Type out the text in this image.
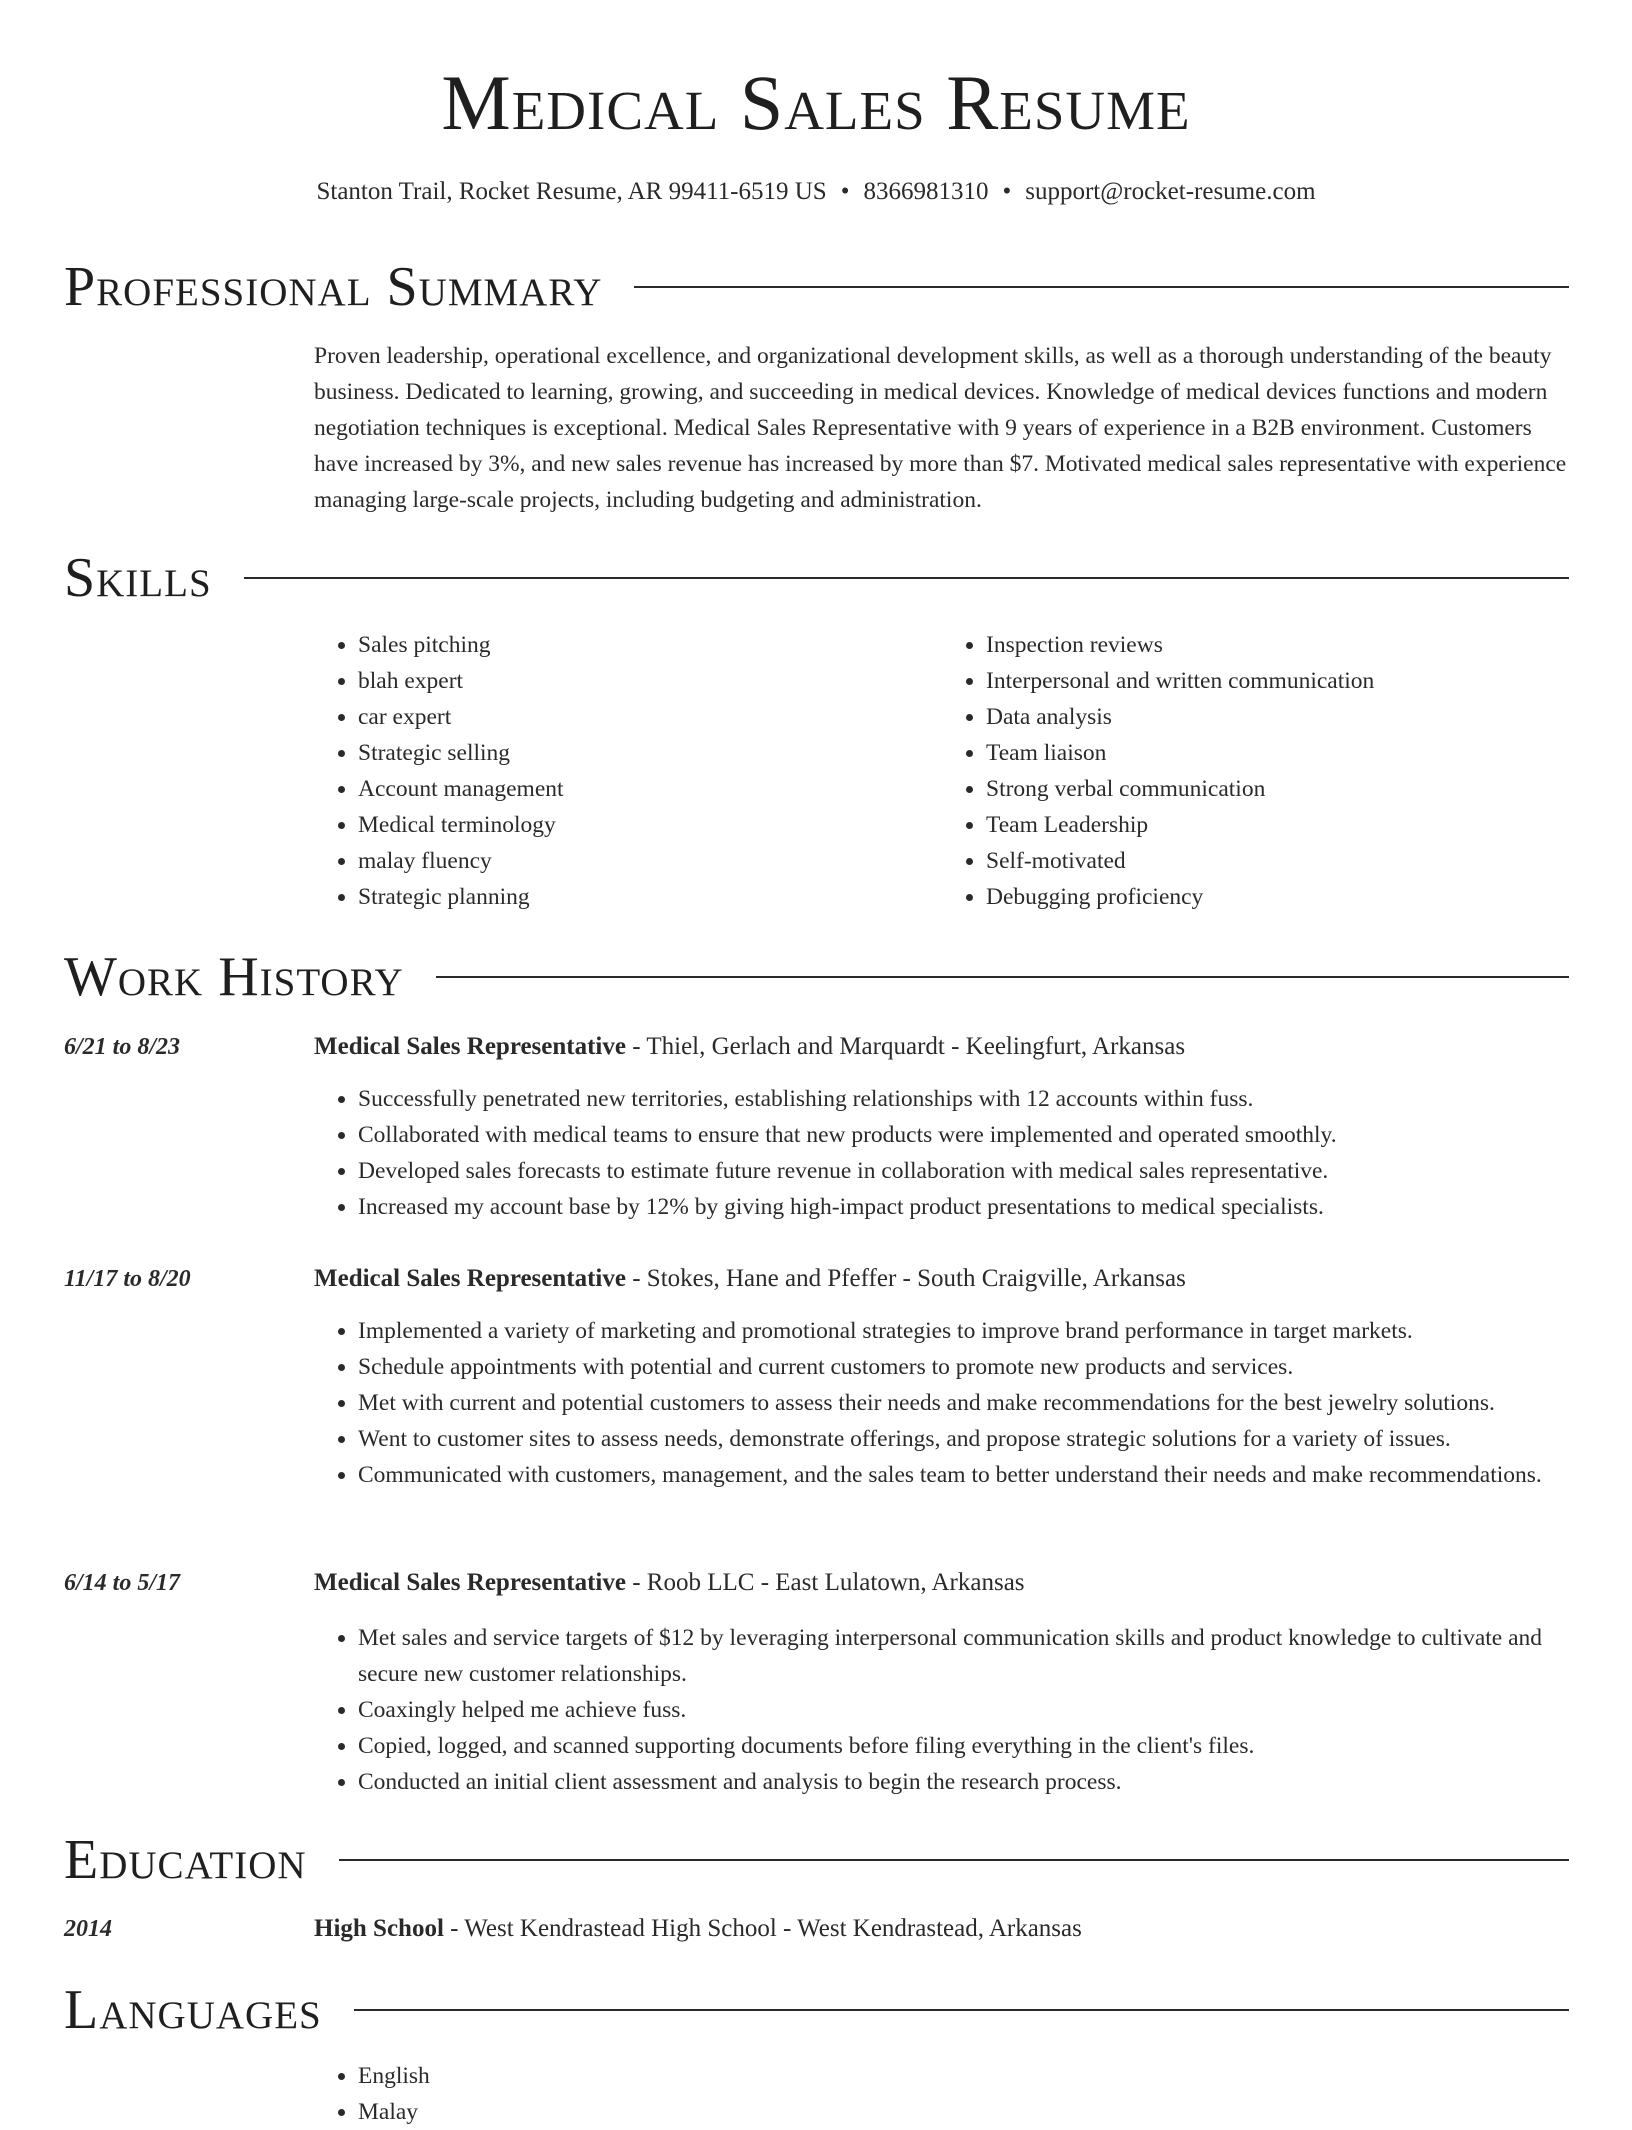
Medical Sales Resume
Stanton Trail, Rocket Resume, AR 99411-6519 US • 8366981310 • support@rocket-resume.com
Professional Summary

Proven leadership, operational excellence, and organizational development skills, as well as a thorough understanding of the beauty business. Dedicated to learning, growing, and succeeding in medical devices. Knowledge of medical devices functions and modern negotiation techniques is exceptional. Medical Sales Representative with 9 years of experience in a B2B environment. Customers have increased by 3%, and new sales revenue has increased by more than $7. Motivated medical sales representative with experience managing large-scale projects, including budgeting and administration.

Skills
• Sales pitching
• blah expert
• car expert
• Strategic selling
• Account management
• Medical terminology
• malay fluency
• Strategic planning
• Inspection reviews
• Interpersonal and written communication
• Data analysis
• Team liaison
• Strong verbal communication
• Team Leadership
• Self-motivated
• Debugging proficiency
Work History
6/21 to 8/23	Medical Sales Representative - Thiel, Gerlach and Marquardt - Keelingfurt, Arkansas
• Successfully penetrated new territories, establishing relationships with 12 accounts within fuss.
• Collaborated with medical teams to ensure that new products were implemented and operated smoothly.
• Developed sales forecasts to estimate future revenue in collaboration with medical sales representative.
• Increased my account base by 12% by giving high-impact product presentations to medical specialists.
11/17 to 8/20	Medical Sales Representative - Stokes, Hane and Pfeffer - South Craigville, Arkansas
• Implemented a variety of marketing and promotional strategies to improve brand performance in target markets.
• Schedule appointments with potential and current customers to promote new products and services.
• Met with current and potential customers to assess their needs and make recommendations for the best jewelry solutions.
• Went to customer sites to assess needs, demonstrate offerings, and propose strategic solutions for a variety of issues.
• Communicated with customers, management, and the sales team to better understand their needs and make recommendations.
6/14 to 5/17	Medical Sales Representative - Roob LLC - East Lulatown, Arkansas
• Met sales and service targets of $12 by leveraging interpersonal communication skills and product knowledge to cultivate and secure new customer relationships.
• Coaxingly helped me achieve fuss.
• Copied, logged, and scanned supporting documents before filing everything in the client's files.
• Conducted an initial client assessment and analysis to begin the research process.
Education
2014	High School - West Kendrastead High School - West Kendrastead, Arkansas
Languages
• English
• Malay
